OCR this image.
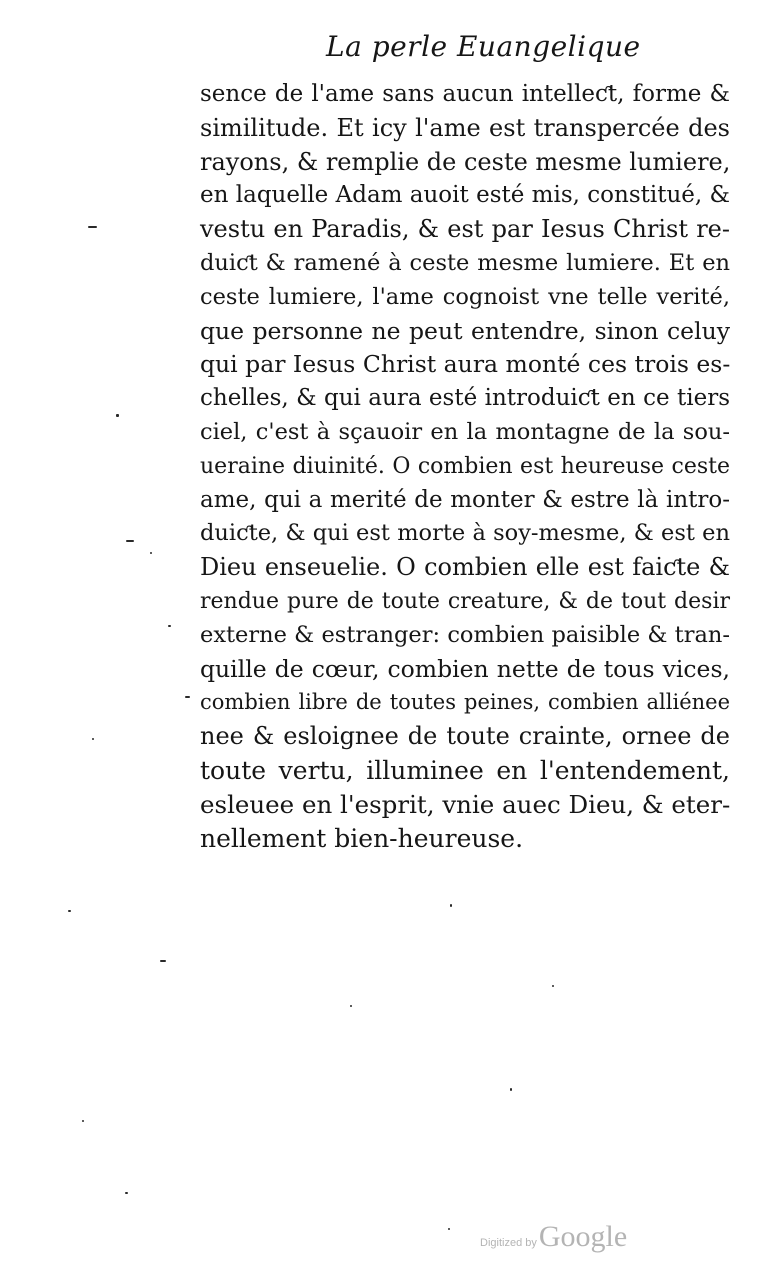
La perle Euangelique
sence de l'ame sans aucun intelleƈt, forme &
similitude. Et icy l'ame est transpercée des
rayons, & remplie de ceste mesme lumiere,
en laquelle Adam auoit esté mis, constitué, &
vestu en Paradis, & est par Iesus Christ re-
duiƈt & ramené à ceste mesme lumiere. Et en
ceste lumiere, l'ame cognoist vne telle verité,
que personne ne peut entendre, sinon celuy
qui par Iesus Christ aura monté ces trois es-
chelles, & qui aura esté introduiƈt en ce tiers
ciel, c'est à sçauoir en la montagne de la sou-
ueraine diuinité. O combien est heureuse ceste
ame, qui a merité de monter & estre là intro-
duiƈte, & qui est morte à soy-mesme, & est en
Dieu enseuelie. O combien elle est faiƈte &
rendue pure de toute creature, & de tout desir
externe & estranger: combien paisible & tran-
quille de cœur, combien nette de tous vices,
combien libre de toutes peines, combien alliénee
nee & esloignee de toute crainte, ornee de
toute vertu, illuminee en l'entendement,
esleuee en l'esprit, vnie auec Dieu, & eter-
nellement bien-heureuse.
Digitized by Google
